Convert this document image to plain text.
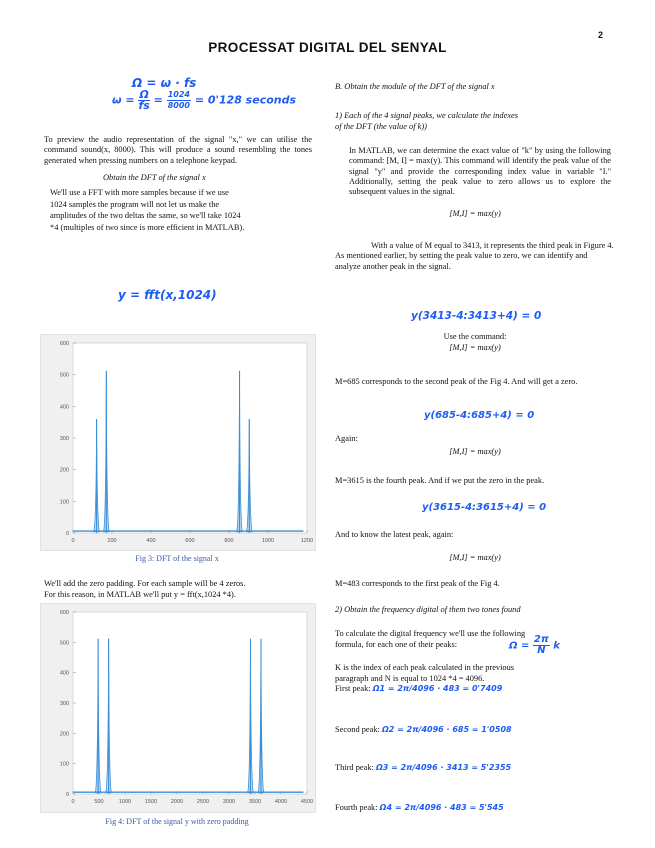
2
PROCESSAT DIGITAL DEL SENYAL
Ω = ω · fs
$\omega = \frac{\Omega}{fs} = \frac{1024}{8000} = 0'128$ seconds
To preview the audio representation of the signal "x," we can utilise the command sound(x, 8000). This will produce a sound resembling the tones generated when pressing numbers on a telephone keypad.
Obtain the DFT of the signal x
We'll use a FFT with more samples because if we use
1024 samples the program will not let us make the
amplitudes of the two deltas the same, so we'll take 1024
*4 (multiples of two since is more efficient in MATLAB).
y = fft(x,1024)
0
100
200
300
400
500
600
0	200	400	600	800	1000	1200
Fig 3: DFT of the signal x
We'll add the zero padding. For each sample will be 4 zeros.
For this reason, in MATLAB we'll put y = fft(x,1024 *4).
0
100
200
300
400
500
600
0	500	1000	1500	2000	2500	3000	3500	4000	4500
Fig 4: DFT of the signal y with zero padding
B. Obtain the module of the DFT of the signal x
1) Each of the 4 signal peaks, we calculate the indexes
of the DFT (the value of k))
In MATLAB, we can determine the exact value of "k" by using the following command: [M, I] = max(y). This command will identify the peak value of the signal "y" and provide the corresponding index value in variable "I." Additionally, setting the peak value to zero allows us to explore the subsequent values in the signal.
[M,I] = max(y)
With a value of M equal to 3413, it represents the third peak in Figure 4. As mentioned earlier, by setting the peak value to zero, we can identify and analyze another peak in the signal.
y(3413-4:3413+4) = 0
Use the command:
[M,I] = max(y)
M=685 corresponds to the second peak of the Fig 4. And will get a zero.
y(685-4:685+4) = 0
Again:
[M,I] = max(y)
M=3615 is the fourth peak. And if we put the zero in the peak.
y(3615-4:3615+4) = 0
And to know the latest peak, again:
[M,I] = max(y)
M=483 corresponds to the first peak of the Fig 4.
2) Obtain the frequency digital of them two tones found
To calculate the digital frequency we'll use the following
formula, for each one of their peaks:	$\Omega = \frac{2\pi}{N}$ k
K is the index of each peak calculated in the previous
paragraph and N is equal to 1024 *4 = 4096.
First peak: Ω1 = 2π/4096 · 483 = 0'7409
Second peak: Ω2 = 2π/4096 · 685 = 1'0508
Third peak: Ω3 = 2π/4096 · 3413 = 5'2355
Fourth peak: Ω4 = 2π/4096 · 483 = 5'545
